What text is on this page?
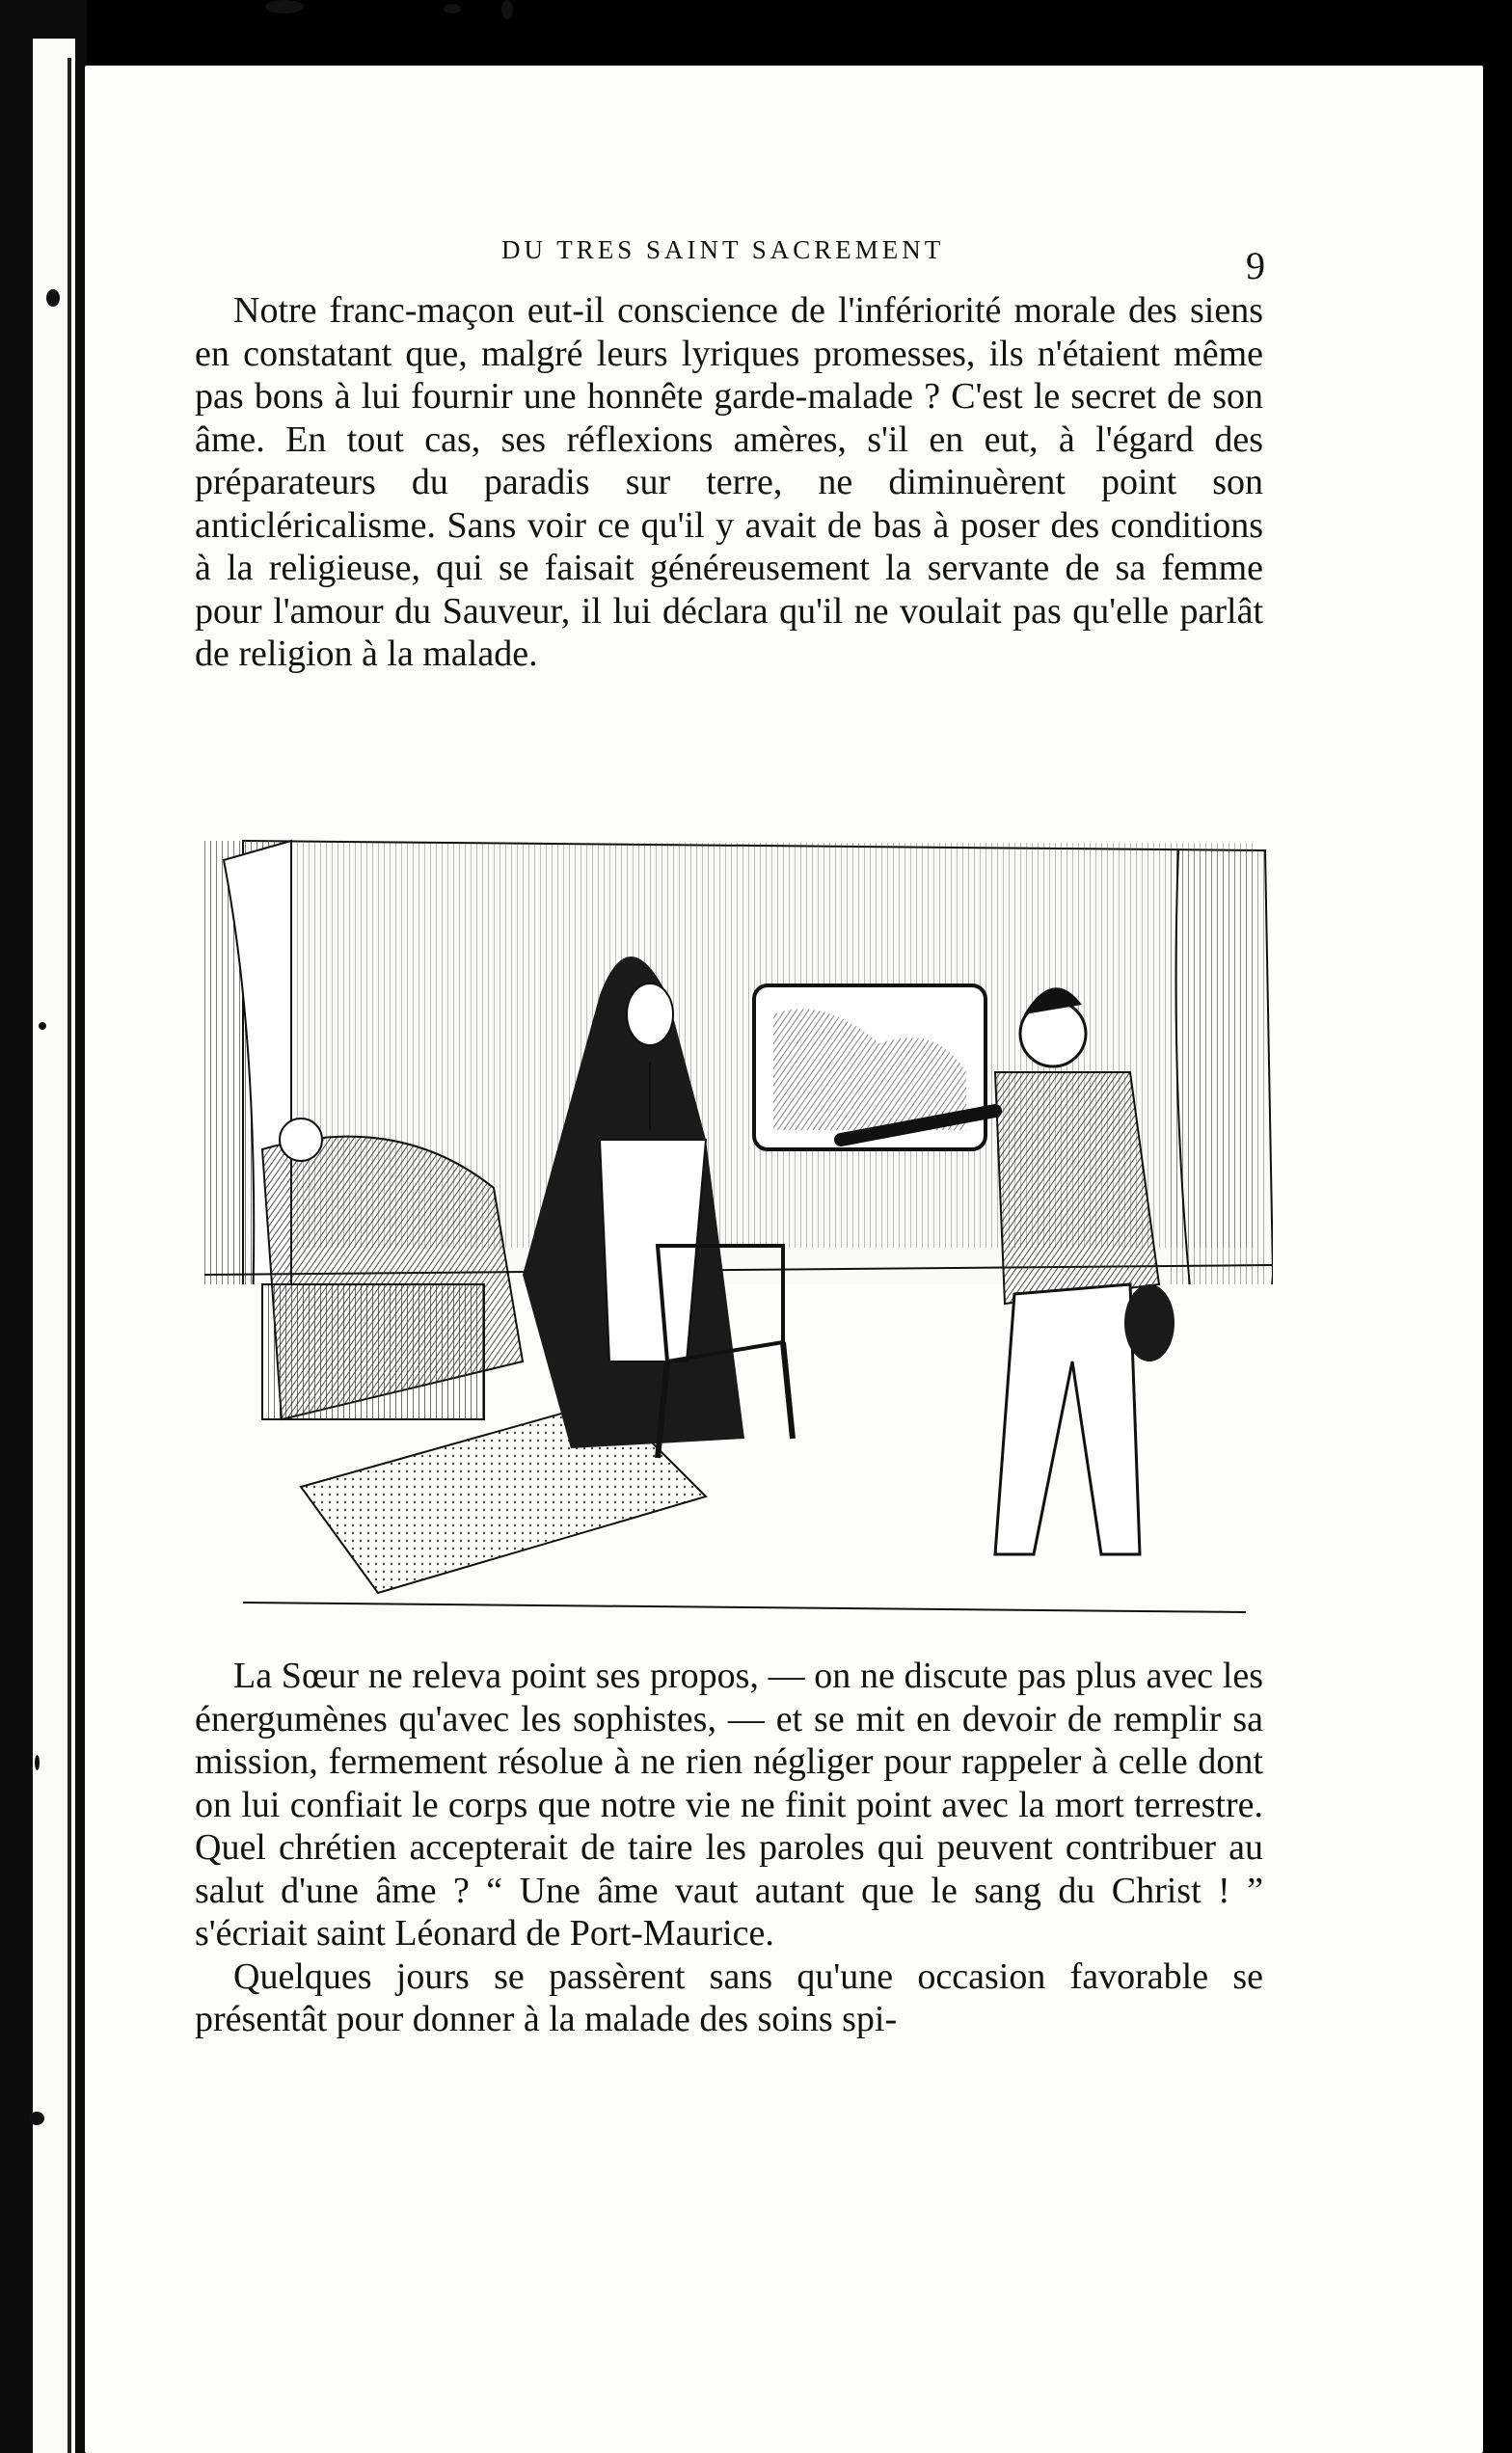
DU TRES SAINT SACREMENT	9

Notre franc-maçon eut-il conscience de l'infériorité morale des siens en constatant que, malgré leurs lyriques promesses, ils n'étaient même pas bons à lui fournir une honnête garde-malade ? C'est le secret de son âme. En tout cas, ses réflexions amères, s'il en eut, à l'égard des préparateurs du paradis sur terre, ne diminuèrent point son anticléricalisme. Sans voir ce qu'il y avait de bas à poser des conditions à la religieuse, qui se faisait généreusement la servante de sa femme pour l'amour du Sauveur, il lui déclara qu'il ne voulait pas qu'elle parlât de religion à la malade.

La Sœur ne releva point ses propos, — on ne discute pas plus avec les énergumènes qu'avec les sophistes, — et se mit en devoir de remplir sa mission, fermement résolue à ne rien négliger pour rappeler à celle dont on lui confiait le corps que notre vie ne finit point avec la mort terrestre. Quel chrétien accepterait de taire les paroles qui peuvent contribuer au salut d'une âme ? “ Une âme vaut autant que le sang du Christ ! ” s'écriait saint Léonard de Port-Maurice.

Quelques jours se passèrent sans qu'une occasion favorable se présentât pour donner à la malade des soins spi-
